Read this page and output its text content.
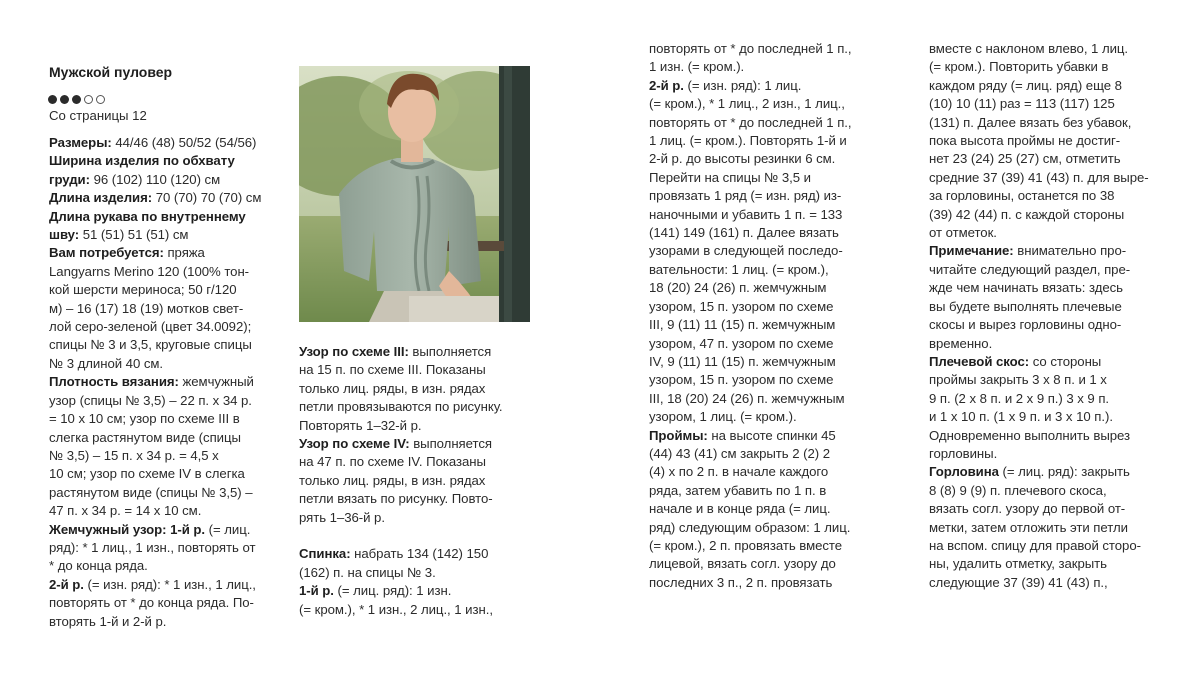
Мужской пуловер
Со страницы 12

Размеры: 44/46 (48) 50/52 (54/56)

Ширина изделия по обхвату

груди: 96 (102) 110 (120) см

Длина изделия: 70 (70) 70 (70) см

Длина рукава по внутреннему

шву: 51 (51) 51 (51) см

Вам потребуется: пряжа

Langyarns Merino 120 (100% тон-

кой шерсти мериноса; 50 г/120

м) – 16 (17) 18 (19) мотков свет-

лой серо-зеленой (цвет 34.0092);

спицы № 3 и 3,5, круговые спицы

№ 3 длиной 40 см.

Плотность вязания: жемчужный

узор (спицы № 3,5) – 22 п. x 34 р.

= 10 x 10 см; узор по схеме III в

слегка растянутом виде (спицы

№ 3,5) – 15 п. x 34 р. = 4,5 x

10 см; узор по схеме IV в слегка

растянутом виде (спицы № 3,5) –

47 п. x 34 р. = 14 x 10 см.

Жемчужный узор: 1-й р. (= лиц.

ряд): * 1 лиц., 1 изн., повторять от

* до конца ряда.

2-й р. (= изн. ряд): * 1 изн., 1 лиц.,

повторять от * до конца ряда. По-

вторять 1-й и 2-й р.

Узор по схеме III: выполняется

на 15 п. по схеме III. Показаны

только лиц. ряды, в изн. рядах

петли провязываются по рисунку.

Повторять 1–32-й р.

Узор по схеме IV: выполняется

на 47 п. по схеме IV. Показаны

только лиц. ряды, в изн. рядах

петли вязать по рисунку. Повто-

рять 1–36-й р.

Спинка: набрать 134 (142) 150

(162) п. на спицы № 3.

1-й р. (= лиц. ряд): 1 изн.

(= кром.), * 1 изн., 2 лиц., 1 изн.,

повторять от * до последней 1 п.,

1 изн. (= кром.).

2-й р. (= изн. ряд): 1 лиц.

(= кром.), * 1 лиц., 2 изн., 1 лиц.,

повторять от * до последней 1 п.,

1 лиц. (= кром.). Повторять 1-й и

2-й р. до высоты резинки 6 см.

Перейти на спицы № 3,5 и

провязать 1 ряд (= изн. ряд) из-

наночными и убавить 1 п. = 133

(141) 149 (161) п. Далее вязать

узорами в следующей последо-

вательности: 1 лиц. (= кром.),

18 (20) 24 (26) п. жемчужным

узором, 15 п. узором по схеме

III, 9 (11) 11 (15) п. жемчужным

узором, 47 п. узором по схеме

IV, 9 (11) 11 (15) п. жемчужным

узором, 15 п. узором по схеме

III, 18 (20) 24 (26) п. жемчужным

узором, 1 лиц. (= кром.).

Проймы: на высоте спинки 45

(44) 43 (41) см закрыть 2 (2) 2

(4) x по 2 п. в начале каждого

ряда, затем убавить по 1 п. в

начале и в конце ряда (= лиц.

ряд) следующим образом: 1 лиц.

(= кром.), 2 п. провязать вместе

лицевой, вязать согл. узору до

последних 3 п., 2 п. провязать

вместе с наклоном влево, 1 лиц.

(= кром.). Повторить убавки в

каждом ряду (= лиц. ряд) еще 8

(10) 10 (11) раз = 113 (117) 125

(131) п. Далее вязать без убавок,

пока высота проймы не достиг-

нет 23 (24) 25 (27) см, отметить

средние 37 (39) 41 (43) п. для выре-

за горловины, останется по 38

(39) 42 (44) п. с каждой стороны

от отметок.

Примечание: внимательно про-

читайте следующий раздел, пре-

жде чем начинать вязать: здесь

вы будете выполнять плечевые

скосы и вырез горловины одно-

временно.

Плечевой скос: со стороны

проймы закрыть 3 x 8 п. и 1 x

9 п. (2 x 8 п. и 2 x 9 п.) 3 x 9 п.

и 1 x 10 п. (1 x 9 п. и 3 x 10 п.).

Одновременно выполнить вырез

горловины.

Горловина (= лиц. ряд): закрыть

8 (8) 9 (9) п. плечевого скоса,

вязать согл. узору до первой от-

метки, затем отложить эти петли

на вспом. спицу для правой сторо-

ны, удалить отметку, закрыть

следующие 37 (39) 41 (43) п.,
